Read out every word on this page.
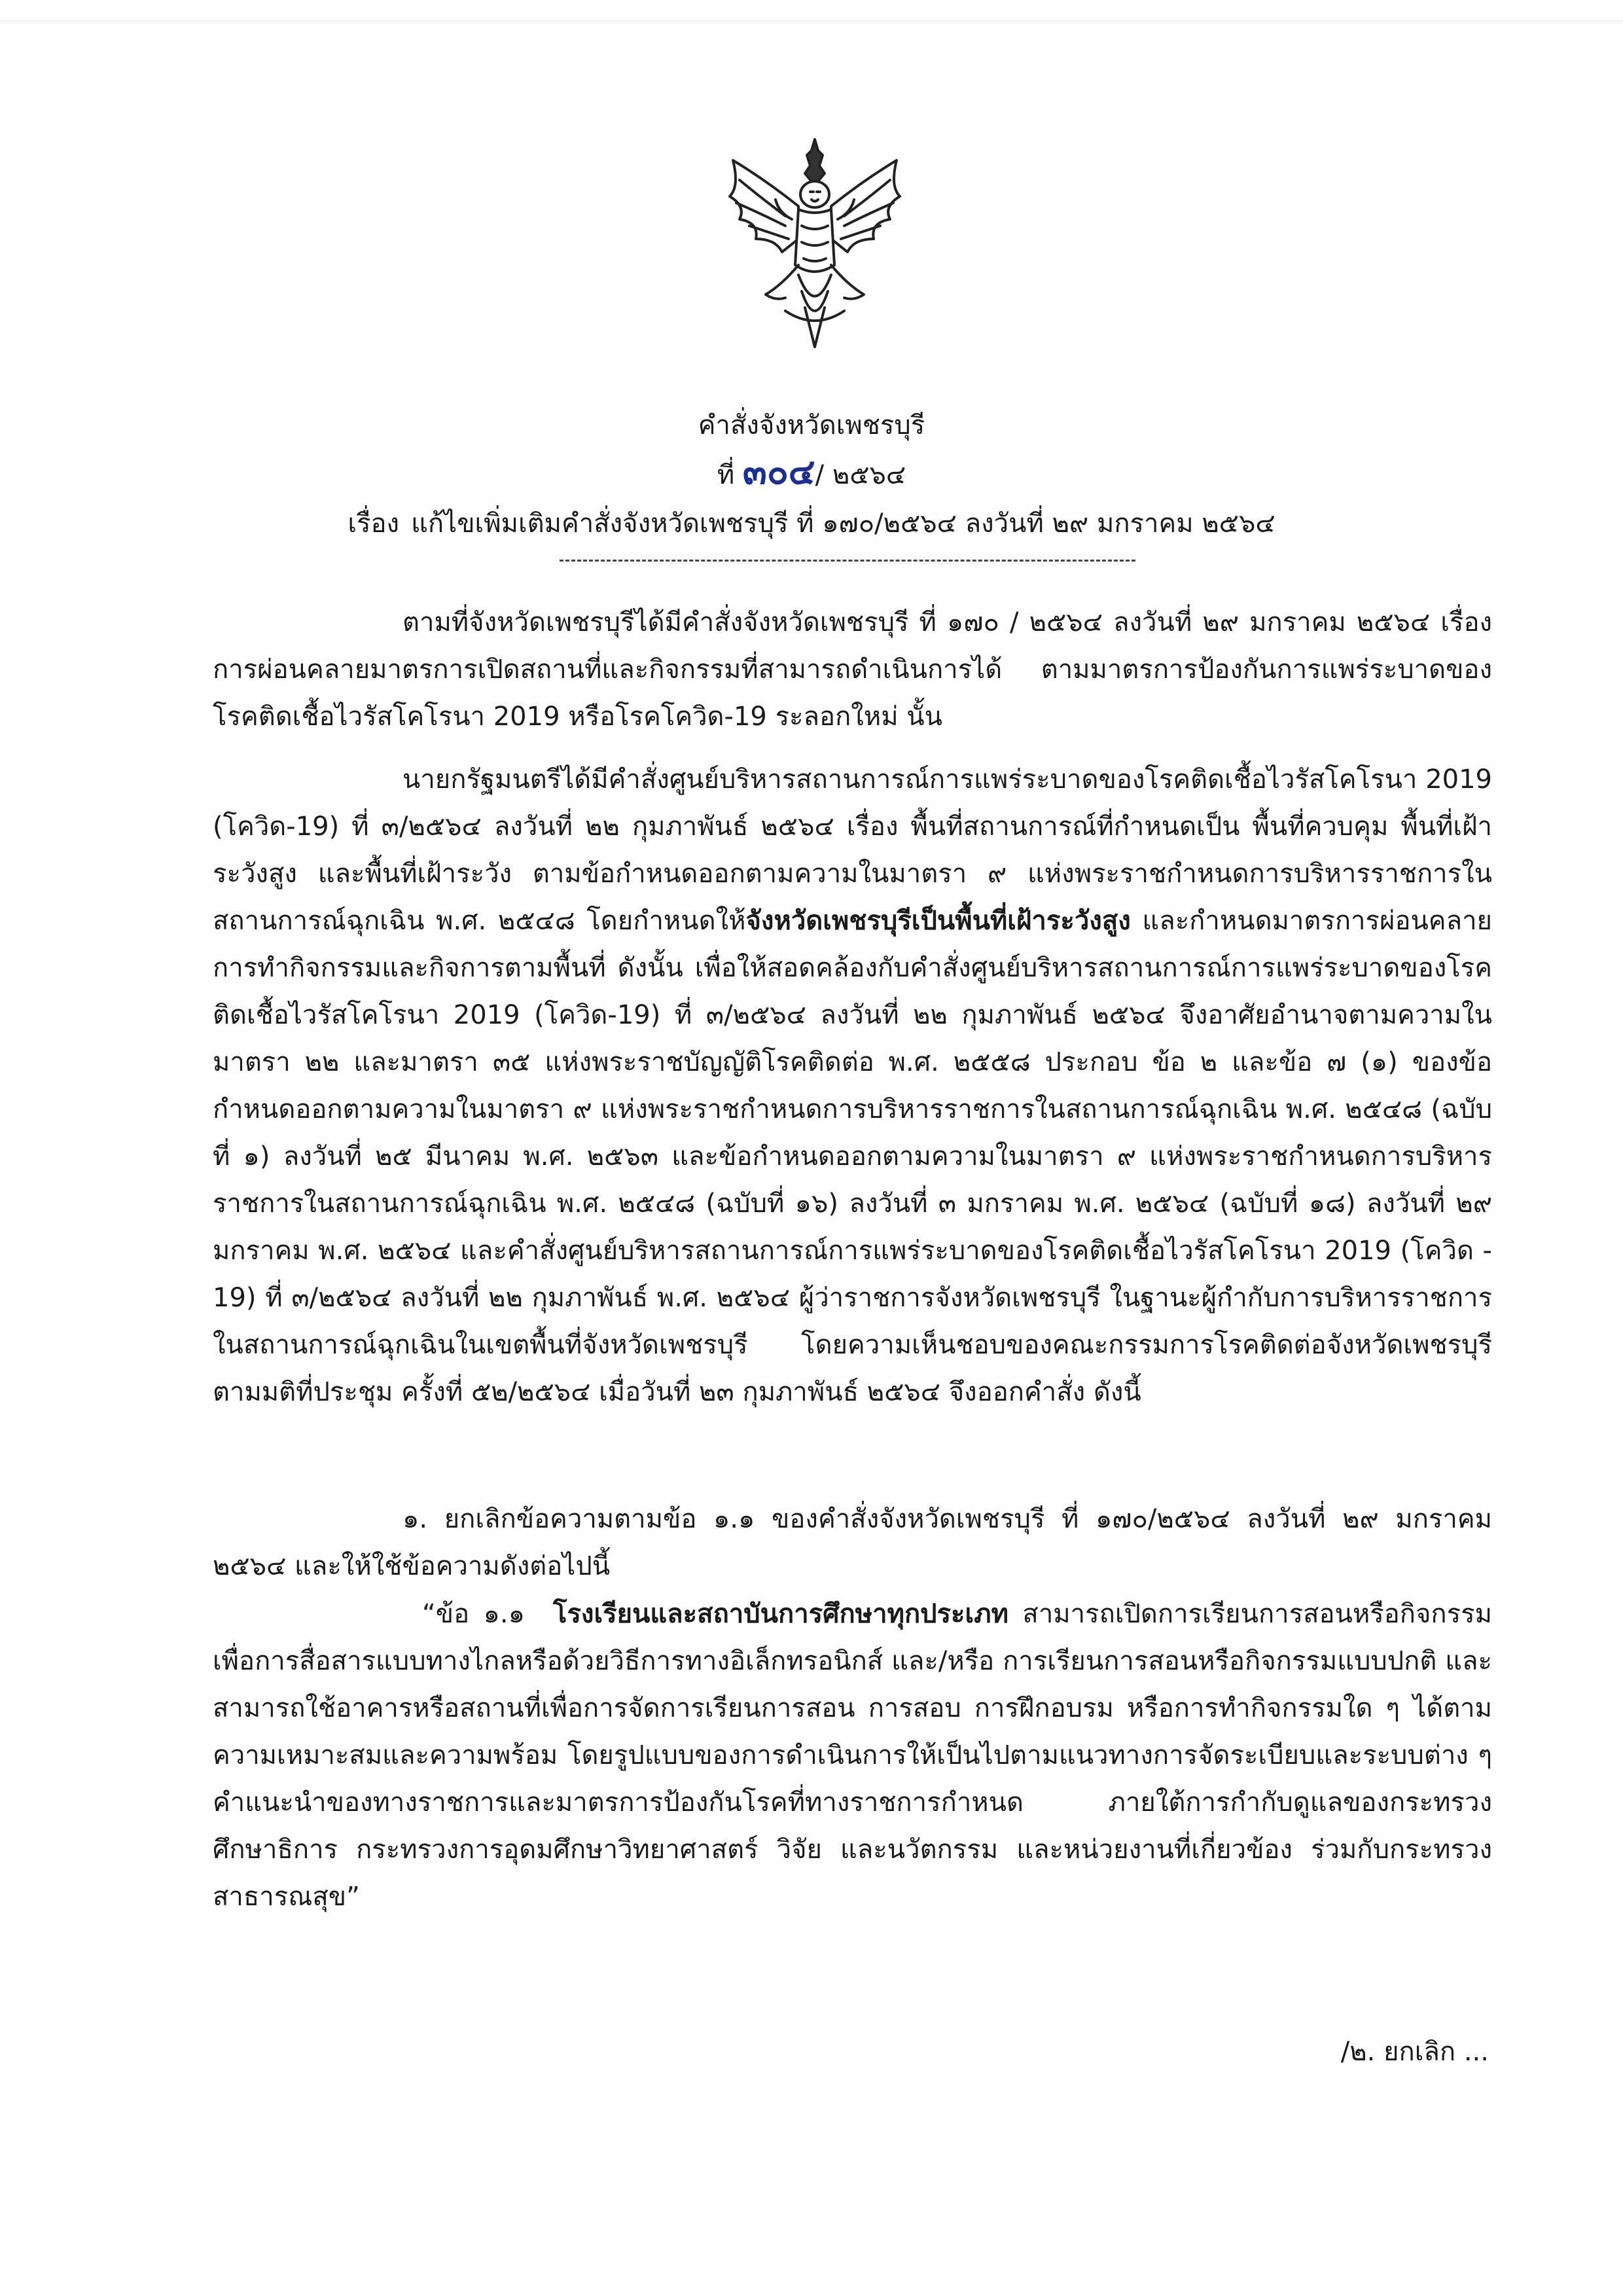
คำสั่งจังหวัดเพชรบุรี
ที่ ๓๐๔/ ๒๕๖๔
เรื่อง แก้ไขเพิ่มเติมคำสั่งจังหวัดเพชรบุรี ที่ ๑๗๐/๒๕๖๔ ลงวันที่ ๒๙ มกราคม ๒๕๖๔
ตามที่จังหวัดเพชรบุรีได้มีคำสั่งจังหวัดเพชรบุรี ที่ ๑๗๐ / ๒๕๖๔ ลงวันที่ ๒๙ มกราคม ๒๕๖๔ เรื่อง การผ่อนคลายมาตรการเปิดสถานที่และกิจกรรมที่สามารถดำเนินการได้ ตามมาตรการป้องกันการแพร่ระบาดของโรคติดเชื้อไวรัสโคโรนา 2019 หรือโรคโควิด-19 ระลอกใหม่ นั้น
นายกรัฐมนตรีได้มีคำสั่งศูนย์บริหารสถานการณ์การแพร่ระบาดของโรคติดเชื้อไวรัสโคโรนา 2019 (โควิด-19) ที่ ๓/๒๕๖๔ ลงวันที่ ๒๒ กุมภาพันธ์ ๒๕๖๔ เรื่อง พื้นที่สถานการณ์ที่กำหนดเป็น พื้นที่ควบคุม พื้นที่เฝ้าระวังสูง และพื้นที่เฝ้าระวัง ตามข้อกำหนดออกตามความในมาตรา ๙ แห่งพระราชกำหนดการบริหารราชการในสถานการณ์ฉุกเฉิน พ.ศ. ๒๕๔๘ โดยกำหนดให้จังหวัดเพชรบุรีเป็นพื้นที่เฝ้าระวังสูง และกำหนดมาตรการผ่อนคลายการทำกิจกรรมและกิจการตามพื้นที่ ดังนั้น เพื่อให้สอดคล้องกับคำสั่งศูนย์บริหารสถานการณ์การแพร่ระบาดของโรคติดเชื้อไวรัสโคโรนา 2019 (โควิด-19) ที่ ๓/๒๕๖๔ ลงวันที่ ๒๒ กุมภาพันธ์ ๒๕๖๔ จึงอาศัยอำนาจตามความในมาตรา ๒๒ และมาตรา ๓๕ แห่งพระราชบัญญัติโรคติดต่อ พ.ศ. ๒๕๕๘ ประกอบ ข้อ ๒ และข้อ ๗ (๑) ของข้อกำหนดออกตามความในมาตรา ๙ แห่งพระราชกำหนดการบริหารราชการในสถานการณ์ฉุกเฉิน พ.ศ. ๒๕๔๘ (ฉบับที่ ๑) ลงวันที่ ๒๕ มีนาคม พ.ศ. ๒๕๖๓ และข้อกำหนดออกตามความในมาตรา ๙ แห่งพระราชกำหนดการบริหารราชการในสถานการณ์ฉุกเฉิน พ.ศ. ๒๕๔๘ (ฉบับที่ ๑๖) ลงวันที่ ๓ มกราคม พ.ศ. ๒๕๖๔ (ฉบับที่ ๑๘) ลงวันที่ ๒๙ มกราคม พ.ศ. ๒๕๖๔ และคำสั่งศูนย์บริหารสถานการณ์การแพร่ระบาดของโรคติดเชื้อไวรัสโคโรนา 2019 (โควิด - 19) ที่ ๓/๒๕๖๔ ลงวันที่ ๒๒ กุมภาพันธ์ พ.ศ. ๒๕๖๔ ผู้ว่าราชการจังหวัดเพชรบุรี ในฐานะผู้กำกับการบริหารราชการในสถานการณ์ฉุกเฉินในเขตพื้นที่จังหวัดเพชรบุรี โดยความเห็นชอบของคณะกรรมการโรคติดต่อจังหวัดเพชรบุรี ตามมติที่ประชุม ครั้งที่ ๕๒/๒๕๖๔ เมื่อวันที่ ๒๓ กุมภาพันธ์ ๒๕๖๔ จึงออกคำสั่ง ดังนี้
๑. ยกเลิกข้อความตามข้อ ๑.๑ ของคำสั่งจังหวัดเพชรบุรี ที่ ๑๗๐/๒๕๖๔ ลงวันที่ ๒๙ มกราคม ๒๕๖๔ และให้ใช้ข้อความดังต่อไปนี้
“ข้อ ๑.๑ โรงเรียนและสถาบันการศึกษาทุกประเภท สามารถเปิดการเรียนการสอนหรือกิจกรรมเพื่อการสื่อสารแบบทางไกลหรือด้วยวิธีการทางอิเล็กทรอนิกส์ และ/หรือ การเรียนการสอนหรือกิจกรรมแบบปกติ และสามารถใช้อาคารหรือสถานที่เพื่อการจัดการเรียนการสอน การสอบ การฝึกอบรม หรือการทำกิจกรรมใด ๆ ได้ตามความเหมาะสมและความพร้อม โดยรูปแบบของการดำเนินการให้เป็นไปตามแนวทางการจัดระเบียบและระบบต่าง ๆ คำแนะนำของทางราชการและมาตรการป้องกันโรคที่ทางราชการกำหนด ภายใต้การกำกับดูแลของกระทรวงศึกษาธิการ กระทรวงการอุดมศึกษาวิทยาศาสตร์ วิจัย และนวัตกรรม และหน่วยงานที่เกี่ยวข้อง ร่วมกับกระทรวงสาธารณสุข”
/๒. ยกเลิก ...
